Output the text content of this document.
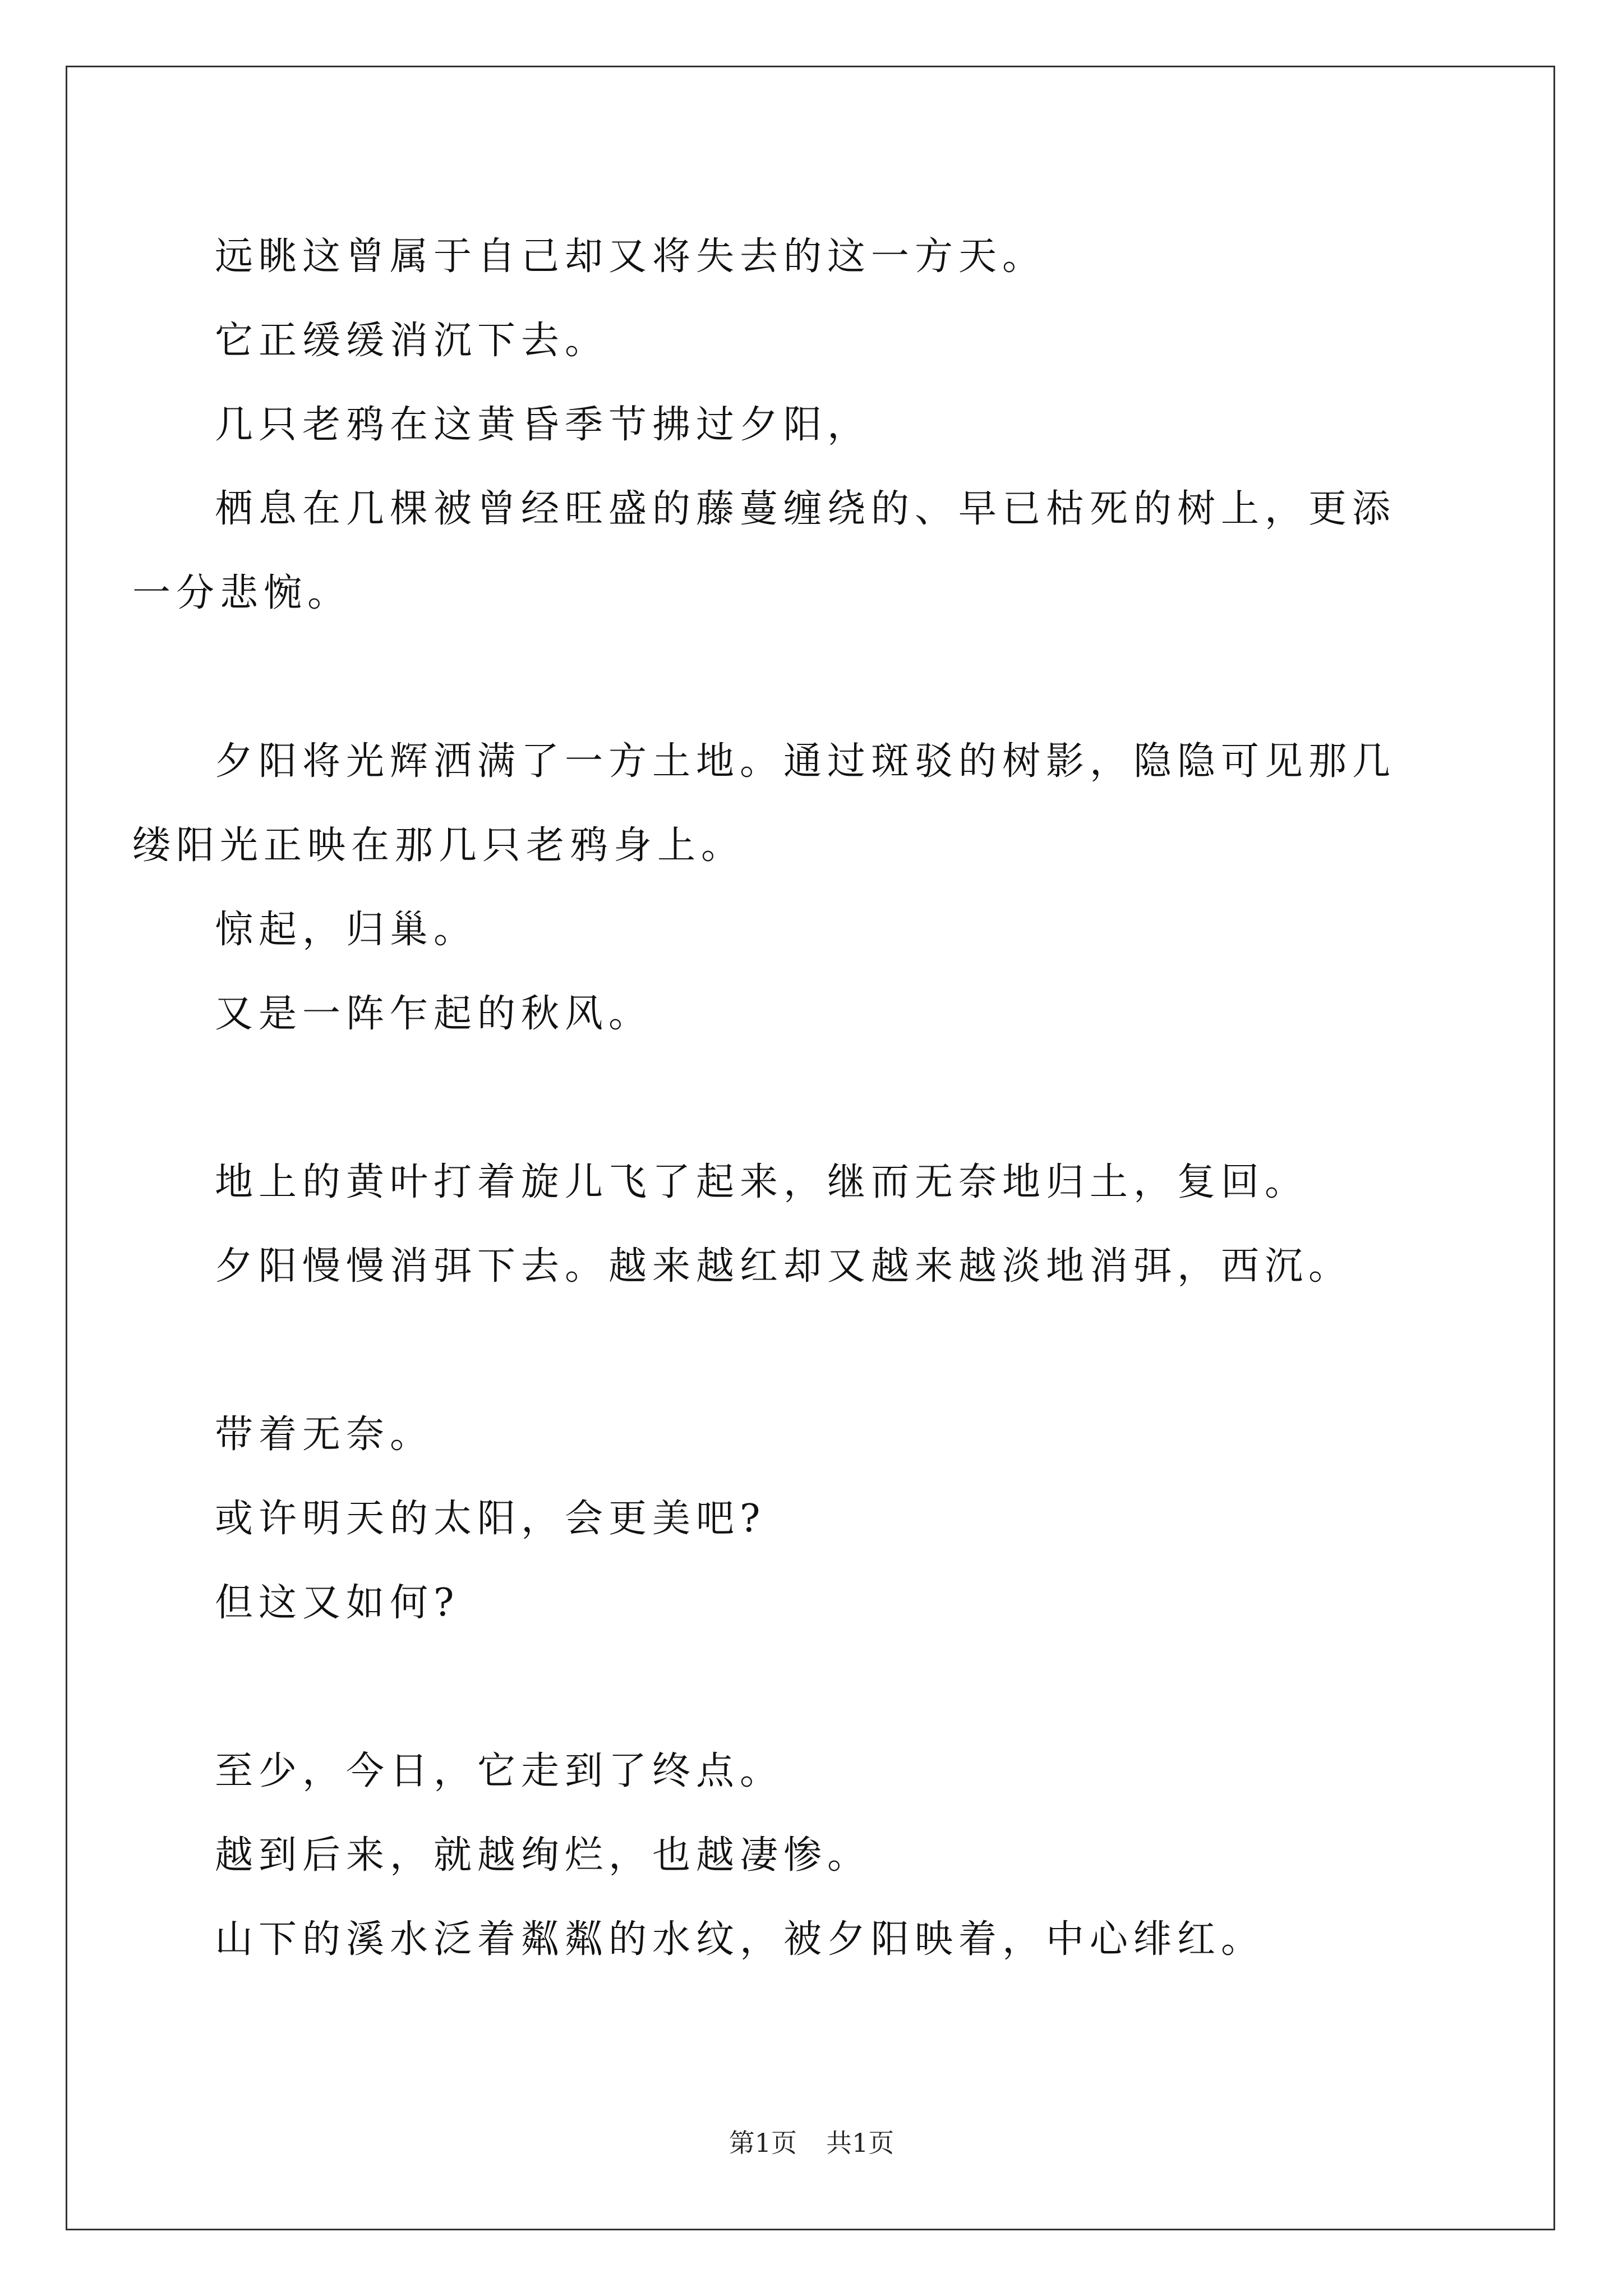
远眺这曾属于自己却又将失去的这一方天。

它正缓缓消沉下去。

几只老鸦在这黄昏季节拂过夕阳，

栖息在几棵被曾经旺盛的藤蔓缠绕的、早已枯死的树上，更添一分悲惋。

夕阳将光辉洒满了一方土地。通过斑驳的树影，隐隐可见那几缕阳光正映在那几只老鸦身上。

惊起，归巢。

又是一阵乍起的秋风。

地上的黄叶打着旋儿飞了起来，继而无奈地归土，复回。

夕阳慢慢消弭下去。越来越红却又越来越淡地消弭，西沉。

带着无奈。

或许明天的太阳，会更美吧?

但这又如何?

至少，今日，它走到了终点。

越到后来，就越绚烂，也越凄惨。

山下的溪水泛着粼粼的水纹，被夕阳映着，中心绯红。

第1页 共1页
